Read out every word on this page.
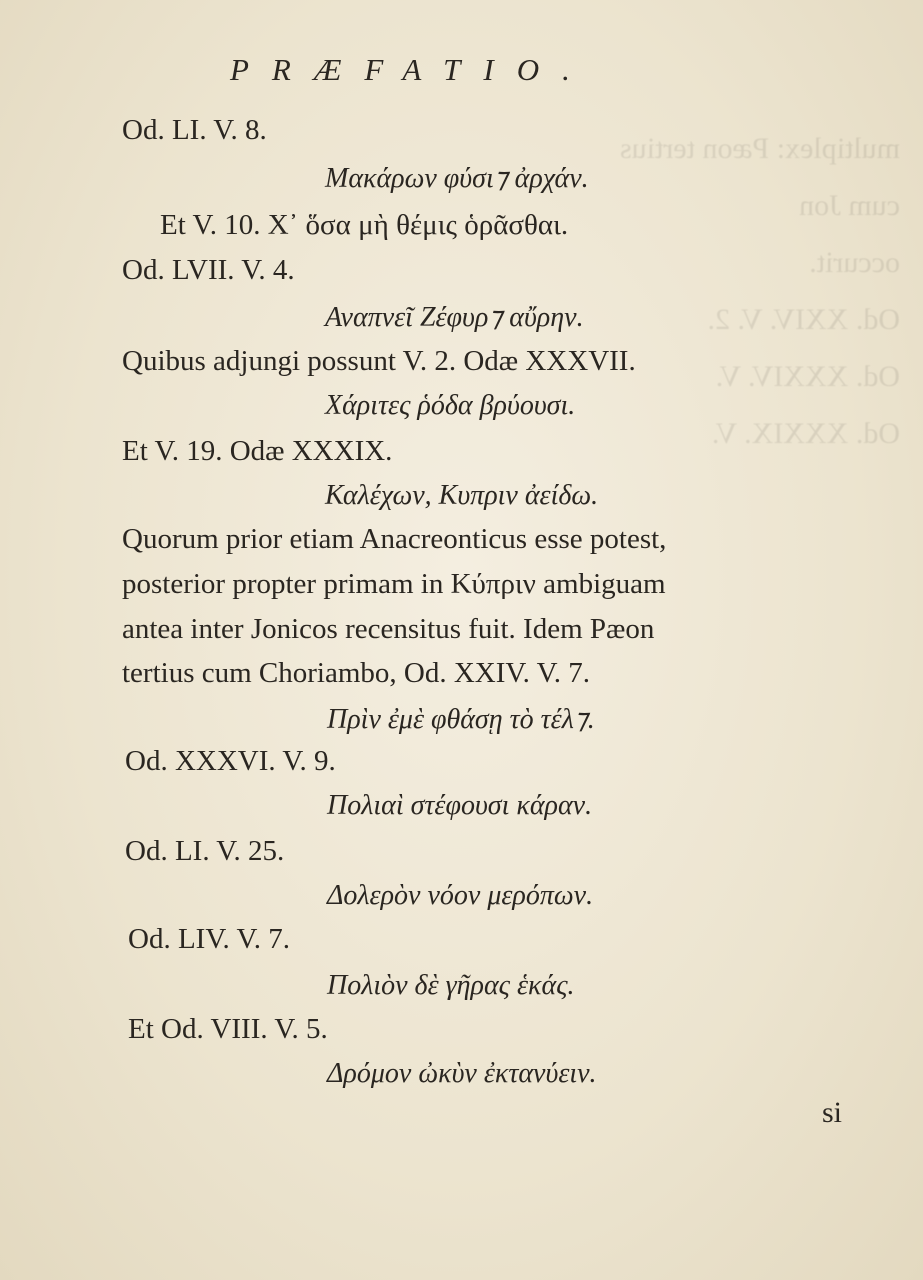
multiplex: Pæon tertius cum Jon
occurit.
Od. XXIV. V. 2.
Od. XXXIV. V.
Od. XXXIX. V.
PRÆFATIO.
Od. LI. V. 8.
Μακάρων φύσι⁊ ἀρχάν.
Et V. 10. Χ᾽ ὅσα μὴ θέμις ὁρᾶσθαι.
Od. LVII. V. 4.
Αναπνεῖ Ζέφυρ⁊ αὔρην.
Quibus adjungi possunt V. 2. Odæ XXXVII.
Χάριτες ῥόδα βρύουσι.
Et V. 19. Odæ XXXIX.
Καλέχων, Κυπριν ἀείδω.
Quorum prior etiam Anacreonticus esse potest,
posterior propter primam in Κύπριν ambiguam
antea inter Jonicos recensitus fuit. Idem Pæon
tertius cum Choriambo, Od. XXIV. V. 7.
Πρὶν ἐμὲ φθάσῃ τὸ τέλ⁊.
Od. XXXVI. V. 9.
Πολιαὶ στέφουσι κάραν.
Od. LI. V. 25.
Δολερὸν νόον μερόπων.
Od. LIV. V. 7.
Πολιὸν δὲ γῆρας ἑκάς.
Et Od. VIII. V. 5.
Δρόμον ὠκὺν ἐκτανύειν.
si
